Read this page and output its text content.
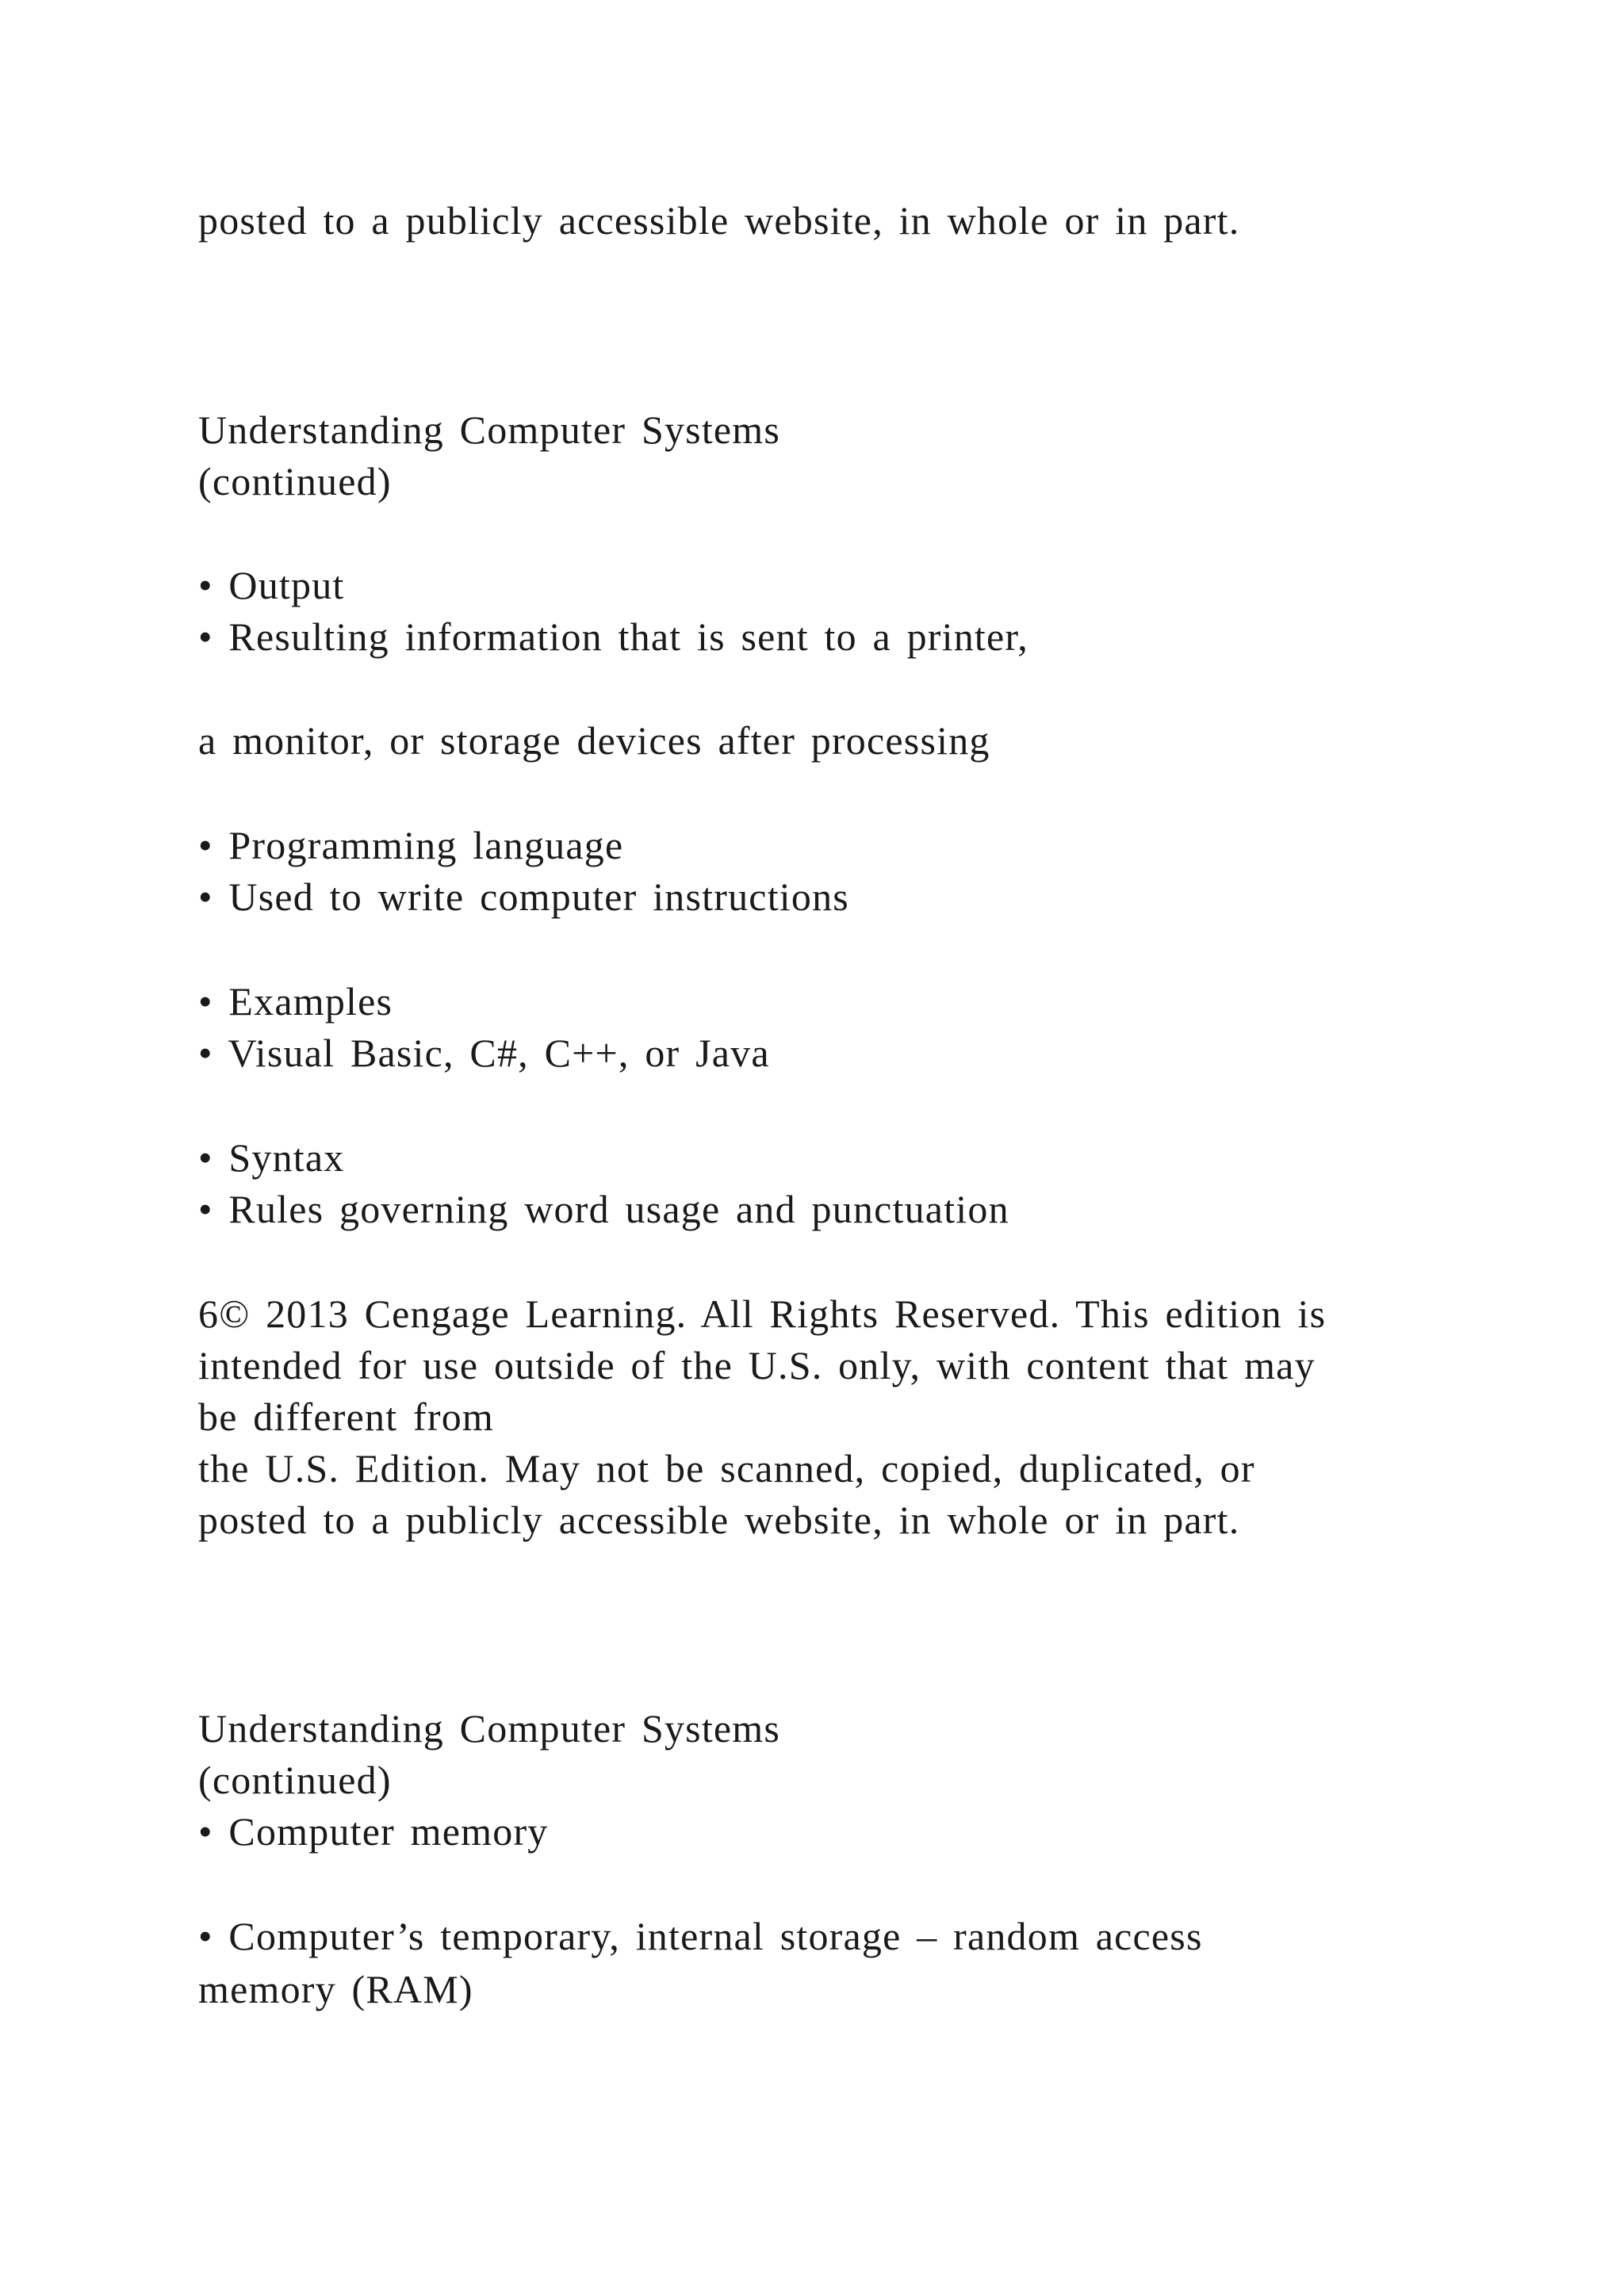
posted to a publicly accessible website, in whole or in part.
Understanding Computer Systems
(continued)
• Output
• Resulting information that is sent to a printer,
a monitor, or storage devices after processing
• Programming language
• Used to write computer instructions
• Examples
• Visual Basic, C#, C++, or Java
• Syntax
• Rules governing word usage and punctuation
6© 2013 Cengage Learning. All Rights Reserved. This edition is
intended for use outside of the U.S. only, with content that may
be different from
the U.S. Edition. May not be scanned, copied, duplicated, or
posted to a publicly accessible website, in whole or in part.
Understanding Computer Systems
(continued)
• Computer memory
• Computer’s temporary, internal storage – random access
memory (RAM)
